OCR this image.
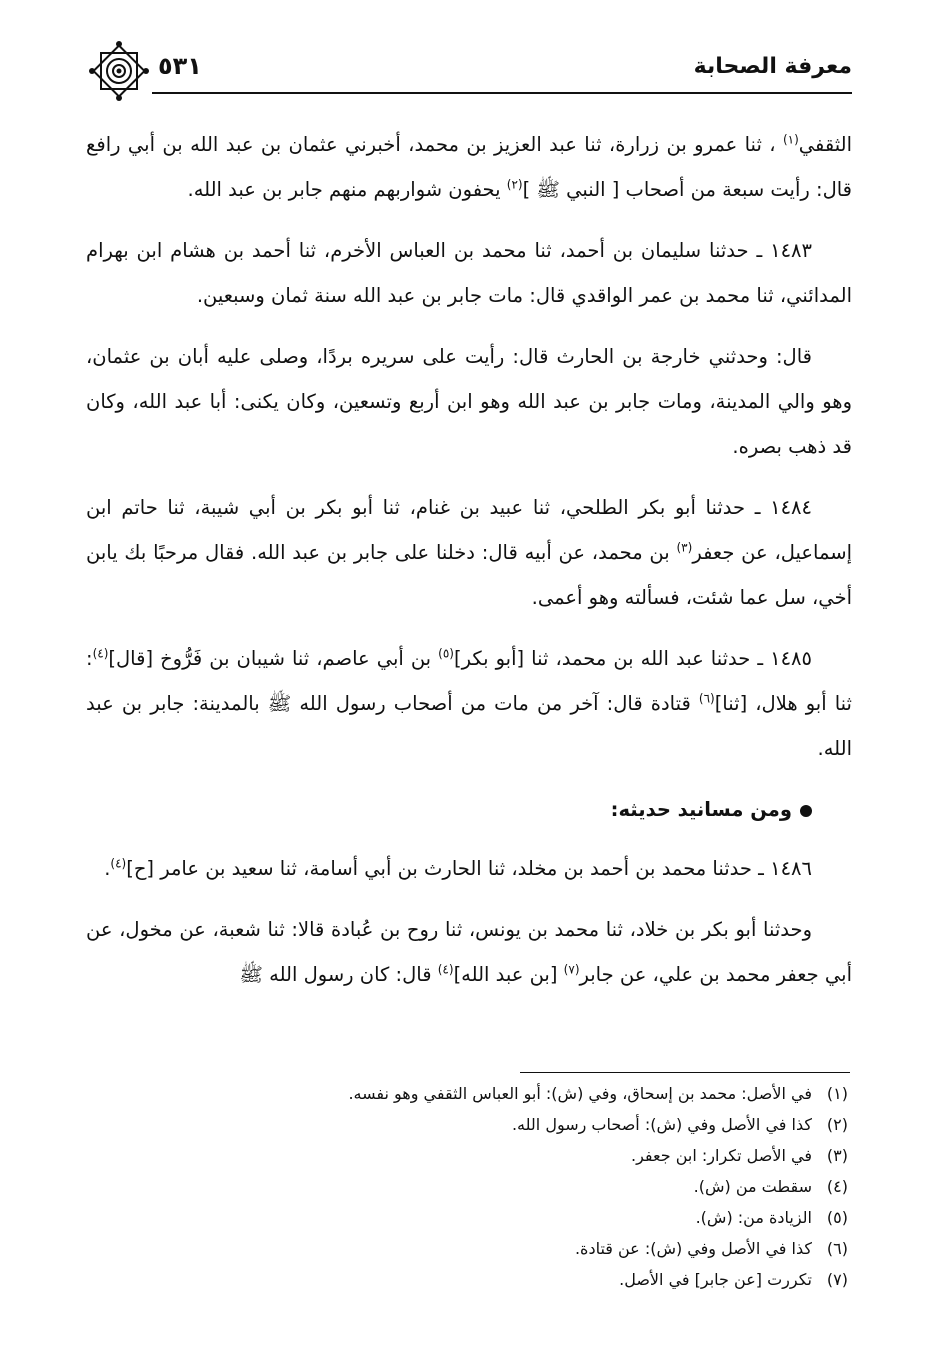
معرفة الصحابة
٥٣١

الثقفي$^{(١)}$ ، ثنا عمرو بن زرارة، ثنا عبد العزيز بن محمد، أخبرني عثمان بن عبد الله بن أبي رافع قال: رأيت سبعة من أصحاب [ النبي ﷺ ]$^{(٢)}$ يحفون شواربهم منهم جابر بن عبد الله.

١٤٨٣ ـ حدثنا سليمان بن أحمد، ثنا محمد بن العباس الأخرم، ثنا أحمد بن هشام ابن بهرام المدائني، ثنا محمد بن عمر الواقدي قال: مات جابر بن عبد الله سنة ثمان وسبعين.

قال: وحدثني خارجة بن الحارث قال: رأيت على سريره بردًا، وصلى عليه أبان بن عثمان، وهو والي المدينة، ومات جابر بن عبد الله وهو ابن أربع وتسعين، وكان يكنى: أبا عبد الله، وكان قد ذهب بصره.

١٤٨٤ ـ حدثنا أبو بكر الطلحي، ثنا عبيد بن غنام، ثنا أبو بكر بن أبي شيبة، ثنا حاتم ابن إسماعيل، عن جعفر$^{(٣)}$ بن محمد، عن أبيه قال: دخلنا على جابر بن عبد الله. فقال مرحبًا بك يابن أخي، سل عما شئت، فسألته وهو أعمى.

١٤٨٥ ـ حدثنا عبد الله بن محمد، ثنا [أبو بكر]$^{(٥)}$ بن أبي عاصم، ثنا شيبان بن فَرُّوخ [قال]$^{(٤)}$: ثنا أبو هلال، [ثنا]$^{(٦)}$ قتادة قال: آخر من مات من أصحاب رسول الله ﷺ بالمدينة: جابر بن عبد الله.

ومن مسانيد حديثه:

١٤٨٦ ـ حدثنا محمد بن أحمد بن مخلد، ثنا الحارث بن أبي أسامة، ثنا سعيد بن عامر [ح]$^{(٤)}$.

وحدثنا أبو بكر بن خلاد، ثنا محمد بن يونس، ثنا روح بن عُبادة قالا: ثنا شعبة، عن مخول، عن أبي جعفر محمد بن علي، عن جابر$^{(٧)}$ [بن عبد الله]$^{(٤)}$ قال: كان رسول الله ﷺ

(١)
في الأصل: محمد بن إسحاق، وفي (ش): أبو العباس الثقفي وهو نفسه.
(٢)
كذا في الأصل وفي (ش): أصحاب رسول الله.
(٣)
في الأصل تكرار: ابن جعفر.
(٤)
سقطت من (ش).
(٥)
الزيادة من: (ش).
(٦)
كذا في الأصل وفي (ش): عن قتادة.
(٧)
تكررت [عن جابر] في الأصل.
